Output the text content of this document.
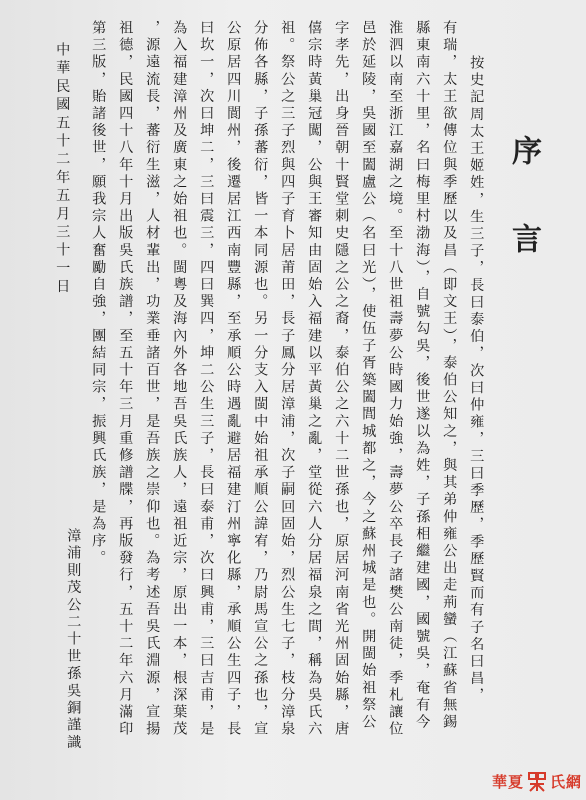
序言
按史記周太王姬姓，生三子，長曰泰伯，次曰仲雍，三曰季歷，季歷賢而有子名曰昌，
有瑞，太王欲傳位與季歷以及昌（即文王），泰伯公知之，與其弟仲雍公出走荊蠻（江蘇省無錫
縣東南六十里，名曰梅里村渤海），自號勾吳，後世遂以為姓，子孫相繼建國，國號吳，奄有今
淮泗以南至浙江嘉湖之境。至十八世祖壽夢公時國力始強，壽夢公卒長子諸樊公南徒，季札讓位
邑於延陵，吳國至闔盧公（名曰光），使伍子胥築闔閭城都之，今之蘇州城是也。開閩始祖祭公
字孝先，出身晉朝十賢堂刺史隱之公之裔，泰伯公之六十二世孫也，原居河南省光州固始縣，唐
僖宗時黃巢冠闖，公與王審知由固始入福建以平黃巢之亂，堂從六人分居福泉之間，稱為吳氏六
祖。祭公之三子烈與四子育卜居莆田，長子鳳分居漳浦，次子嗣回固始，烈公生七子，枝分漳泉
分佈各縣，子孫蕃衍，皆一本同源也。另一分支入閩中始祖承順公諱宥，乃尉馬宣公之孫也，宣
公原居四川閬州，後遷居江西南豐縣，至承順公時遇亂避居福建汀州寧化縣，承順公生四子，長
曰坎一，次曰坤二，三曰震三，四曰巽四，坤二公生三子，長曰泰甫，次曰興甫，三曰吉甫，是
為入福建漳州及廣東之始祖也。閩粵及海內外各地吾吳氏族人，遠祖近宗，原出一本，根深葉茂
，源遠流長，蕃衍生滋，人材輩出，功業垂諸百世，是吾族之崇仰也。為考述吾吳氏淵源，宣揚
祖德，民國四十八年十月出版吳氏族譜，至五十年三月重修譜牒，再版發行，五十二年六月滿印
第三版，貽諸後世，願我宗人奮勵自強，團結同宗，振興氏族，是為序。
中華民國五十二年五月三十一日
漳浦則茂公二十世孫吳銅謹識
華夏 氏網
